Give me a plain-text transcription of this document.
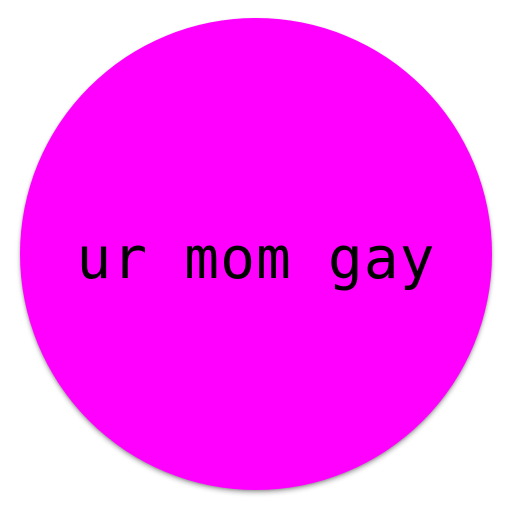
ur mom gay
